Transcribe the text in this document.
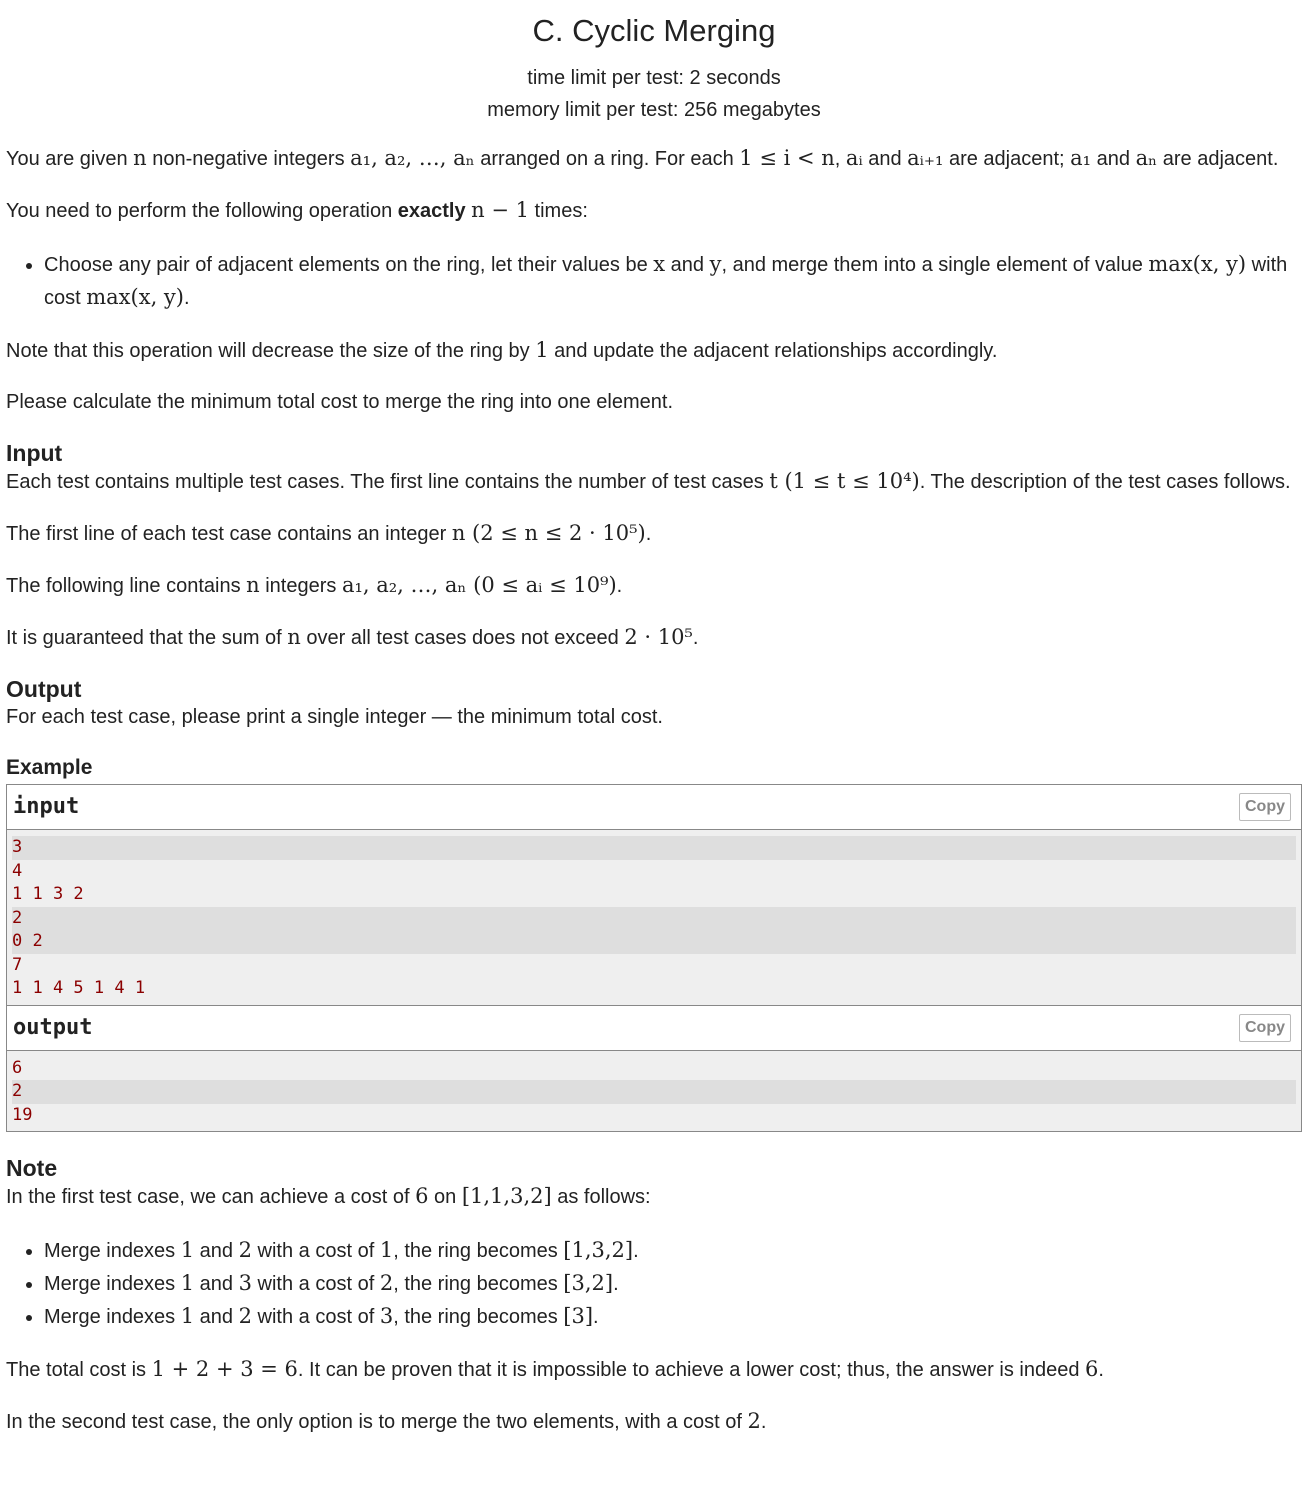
C. Cyclic Merging
time limit per test: 2 seconds
memory limit per test: 256 megabytes

You are given n non-negative integers a₁, a₂, …, aₙ arranged on a ring. For each 1 ≤ i < n, aᵢ and aᵢ₊₁ are adjacent; a₁ and aₙ are adjacent.

You need to perform the following operation exactly n − 1 times:

• Choose any pair of adjacent elements on the ring, let their values be x and y, and merge them into a single element of value max(x, y) with cost max(x, y).

Note that this operation will decrease the size of the ring by 1 and update the adjacent relationships accordingly.

Please calculate the minimum total cost to merge the ring into one element.

Input

Each test contains multiple test cases. The first line contains the number of test cases t (1 ≤ t ≤ 10⁴). The description of the test cases follows.

The first line of each test case contains an integer n (2 ≤ n ≤ 2 · 10⁵).

The following line contains n integers a₁, a₂, …, aₙ (0 ≤ aᵢ ≤ 10⁹).

It is guaranteed that the sum of n over all test cases does not exceed 2 · 10⁵.

Output

For each test case, please print a single integer — the minimum total cost.

Example
input	Copy
3
4
1 1 3 2
2
0 2
7
1 1 4 5 1 4 1
output	Copy
6
2
19
Note

In the first test case, we can achieve a cost of 6 on [1,1,3,2] as follows:

• Merge indexes 1 and 2 with a cost of 1, the ring becomes [1,3,2].
• Merge indexes 1 and 3 with a cost of 2, the ring becomes [3,2].
• Merge indexes 1 and 2 with a cost of 3, the ring becomes [3].

The total cost is 1 + 2 + 3 = 6. It can be proven that it is impossible to achieve a lower cost; thus, the answer is indeed 6.

In the second test case, the only option is to merge the two elements, with a cost of 2.
